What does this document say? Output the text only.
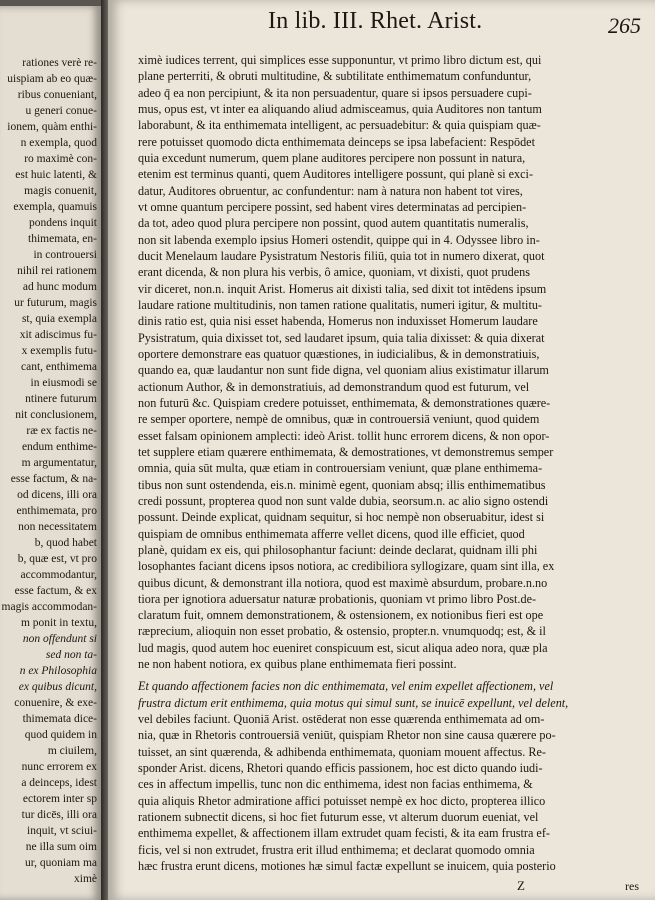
rationes verè re-
uispiam ab eo quæ-
ribus conueniant,
u generi conue-
ionem, quàm enthi-
n exempla, quod
ro maximè con-
est huic latenti, &
magis conuenit,
exempla, quamuis
pondens inquit
thimemata, en-
in controuersi
nihil rei rationem
ad hunc modum
ur futurum, magis
st, quia exempla
xit adiscimus fu-
x exemplis futu-
cant, enthimema
in eiusmodi se
ntinere futurum
nit conclusionem,
ræ ex factis ne-
endum enthime-
m argumentatur,
esse factum, & na-
od dicens, illi ora
enthimemata, pro
non necessitatem
b, quod habet
b, quæ est, vt pro
accommodantur,
esse factum, & ex
magis accommodan-
m ponit in textu,
non offendunt si
sed non ta-
n ex Philosophia
ex quibus dicunt,
conuenire, & exe-
thimemata dice-
quod quidem in
m ciuilem,
nunc errorem ex
a deinceps, idest
ectorem inter sp
tur dicēs, illi ora
inquit, vt sciui-
ne illa sum oim
ur, quoniam ma
ximè
In lib. III. Rhet. Arist.	265
ximè iudices terrent, qui simplices esse supponuntur, vt primo libro dictum est, qui
plane perterriti, & obruti multitudine, & subtilitate enthimematum confunduntur,
adeo q̄ ea non percipiunt, & ita non persuadentur, quare si ipsos persuadere cupi-
mus, opus est, vt inter ea aliquando aliud admisceamus, quia Auditores non tantum
laborabunt, & ita enthimemata intelligent, ac persuadebitur: & quia quispiam quæ-
rere potuisset quomodo dicta enthimemata deinceps se ipsa labefacient: Respōdet
quia excedunt numerum, quem plane auditores percipere non possunt in natura,
etenim est terminus quanti, quem Auditores intelligere possunt, qui planè si exci-
datur, Auditores obruentur, ac confundentur: nam à natura non habent tot vires,
vt omne quantum percipere possint, sed habent vires determinatas ad percipien-
da tot, adeo quod plura percipere non possint, quod autem quantitatis numeralis,
non sit labenda exemplo ipsius Homeri ostendit, quippe qui in 4. Odyssee libro in-
ducit Menelaum laudare Pysistratum Nestoris filiū, quia tot in numero dixerat, quot
erant dicenda, & non plura his verbis, ô amice, quoniam, vt dixisti, quot prudens
vir diceret, non.n. inquit Arist. Homerus ait dixisti talia, sed dixit tot intēdens ipsum
laudare ratione multitudinis, non tamen ratione qualitatis, numeri igitur, & multitu-
dinis ratio est, quia nisi esset habenda, Homerus non induxisset Homerum laudare
Pysistratum, quia dixisset tot, sed laudaret ipsum, quia talia dixisset: & quia dixerat
oportere demonstrare eas quatuor quæstiones, in iudicialibus, & in demonstratiuis,
quando ea, quæ laudantur non sunt fide digna, vel quoniam alius existimatur illarum
actionum Author, & in demonstratiuis, ad demonstrandum quod est futurum, vel
non futurū &c. Quispiam credere potuisset, enthimemata, & demonstrationes quære-
re semper oportere, nempè de omnibus, quæ in controuersiā veniunt, quod quidem
esset falsam opinionem amplecti: ideò Arist. tollit hunc errorem dicens, & non opor-
tet supplere etiam quærere enthimemata, & demostrationes, vt demonstremus semper
omnia, quia sūt multa, quæ etiam in controuersiam veniunt, quæ plane enthimema-
tibus non sunt ostendenda, eis.n. minimè egent, quoniam absq; illis enthimematibus
credi possunt, propterea quod non sunt valde dubia, seorsum.n. ac alio signo ostendi
possunt. Deinde explicat, quidnam sequitur, si hoc nempè non obseruabitur, idest si
quispiam de omnibus enthimemata afferre vellet dicens, quod ille efficiet, quod
planè, quidam ex eis, qui philosophantur faciunt: deinde declarat, quidnam illi phi
losophantes faciant dicens ipsos notiora, ac credibiliora syllogizare, quam sint illa, ex
quibus dicunt, & demonstrant illa notiora, quod est maximè absurdum, probare.n.no
tiora per ignotiora aduersatur naturæ probationis, quoniam vt primo libro Post.de-
claratum fuit, omnem demonstrationem, & ostensionem, ex notionibus fieri est ope
ræprecium, alioquin non esset probatio, & ostensio, propter.n. vnumquodq; est, & il
lud magis, quod autem hoc eueniret conspicuum est, sicut aliqua adeo nora, quæ pla
ne non habent notiora, ex quibus plane enthimemata fieri possint.
Et quando affectionem facies non dic enthimemata, vel enim expellet affectionem, vel
frustra dictum erit enthimema, quia motus qui simul sunt, se inuicē expellunt, vel delent,
vel debiles faciunt. Quoniā Arist. ostēderat non esse quærenda enthimemata ad om-
nia, quæ in Rhetoris controuersiā veniūt, quispiam Rhetor non sine causa quærere po-
tuisset, an sint quærenda, & adhibenda enthimemata, quoniam mouent affectus. Re-
sponder Arist. dicens, Rhetori quando efficis passionem, hoc est dicto quando iudi-
ces in affectum impellis, tunc non dic enthimema, idest non facias enthimema, &
quia aliquis Rhetor admiratione affici potuisset nempè ex hoc dicto, propterea illico
rationem subnectit dicens, si hoc fiet futurum esse, vt alterum duorum eueniat, vel
enthimema expellet, & affectionem illam extrudet quam fecisti, & ita eam frustra ef-
ficis, vel si non extrudet, frustra erit illud enthimema; et declarat quomodo omnia
hæc frustra erunt dicens, motiones hæ simul factæ expellunt se inuicem, quia posterio
Z	res
